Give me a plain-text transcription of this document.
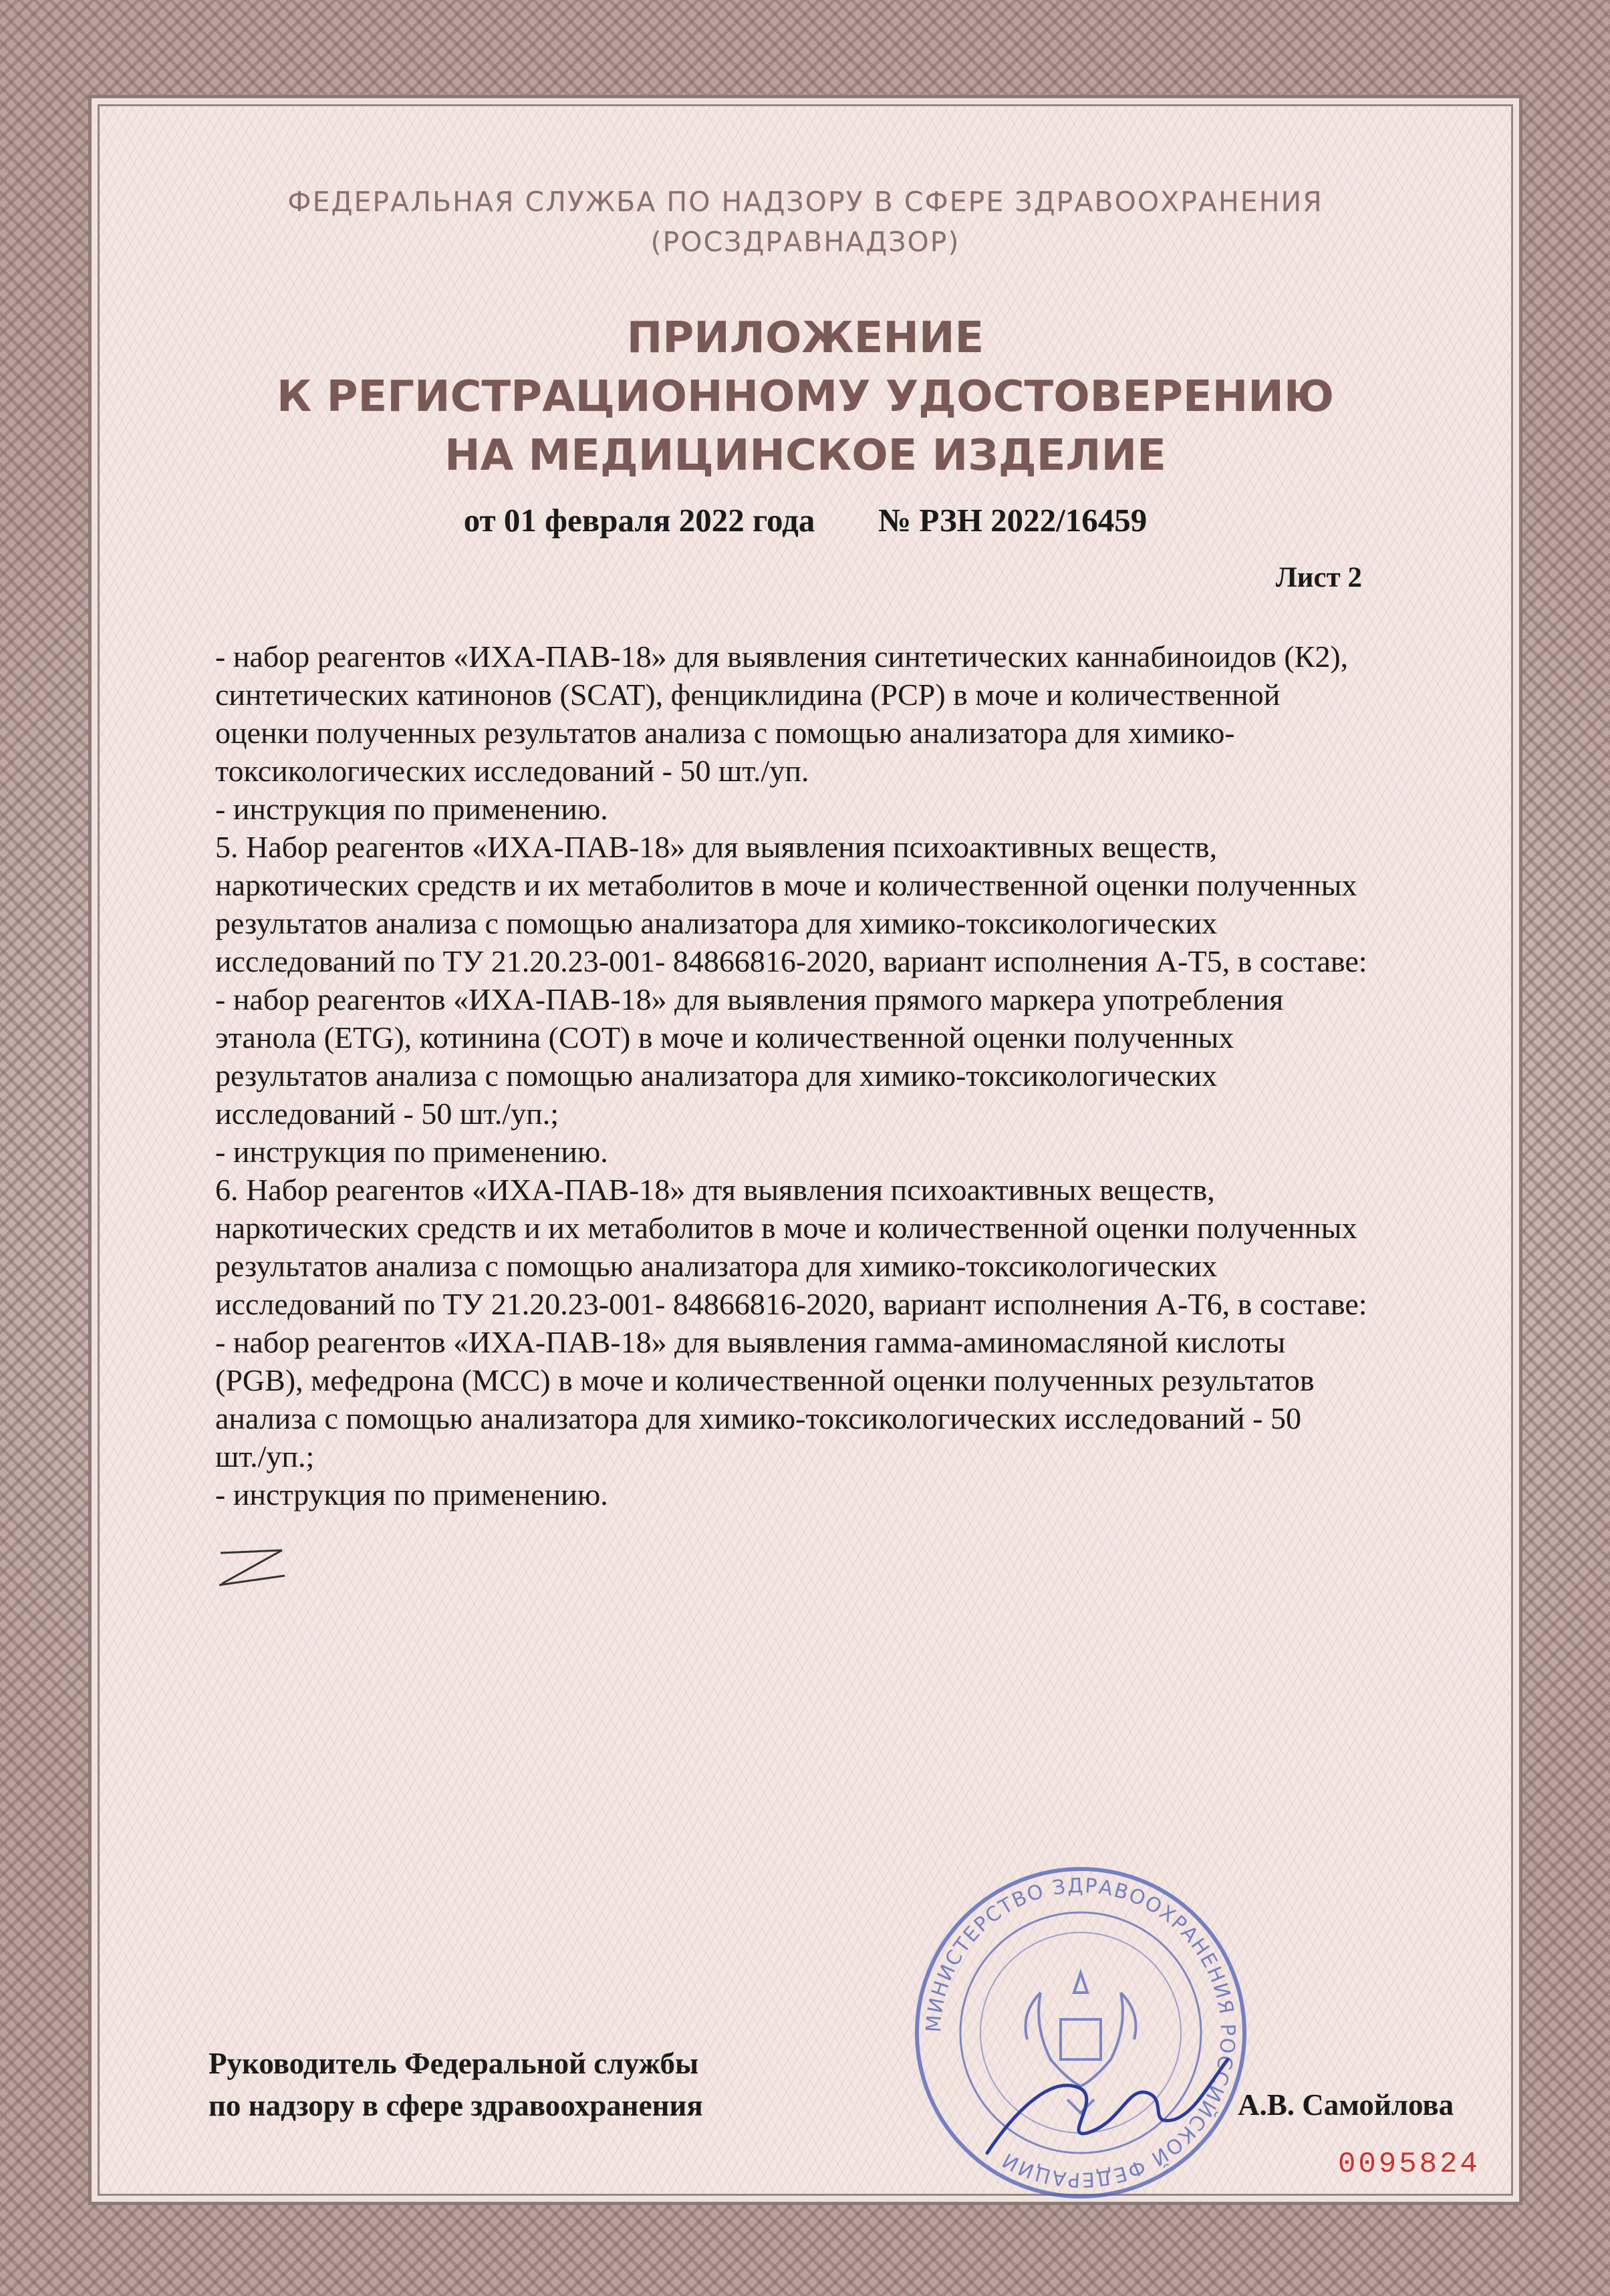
ФЕДЕРАЛЬНАЯ СЛУЖБА ПО НАДЗОРУ В СФЕРЕ ЗДРАВООХРАНЕНИЯ
(РОСЗДРАВНАДЗОР)
ПРИЛОЖЕНИЕ
К РЕГИСТРАЦИОННОМУ УДОСТОВЕРЕНИЮ
НА МЕДИЦИНСКОЕ ИЗДЕЛИЕ
от 01 февраля 2022 года № РЗН 2022/16459
Лист 2
- набор реагентов «ИХА-ПАВ-18» для выявления синтетических каннабиноидов (К2),
синтетических катинонов (SCAT), фенциклидина (PCP) в моче и количественной
оценки полученных результатов анализа с помощью анализатора для химико-
токсикологических исследований - 50 шт./уп.
- инструкция по применению.
5. Набор реагентов «ИХА-ПАВ-18» для выявления психоактивных веществ,
наркотических средств и их метаболитов в моче и количественной оценки полученных
результатов анализа с помощью анализатора для химико-токсикологических
исследований по ТУ 21.20.23-001- 84866816-2020, вариант исполнения А-Т5, в составе:
- набор реагентов «ИХА-ПАВ-18» для выявления прямого маркера употребления
этанола (ETG), котинина (СОТ) в моче и количественной оценки полученных
результатов анализа с помощью анализатора для химико-токсикологических
исследований - 50 шт./уп.;
- инструкция по применению.
6. Набор реагентов «ИХА-ПАВ-18» дтя выявления психоактивных веществ,
наркотических средств и их метаболитов в моче и количественной оценки полученных
результатов анализа с помощью анализатора для химико-токсикологических
исследований по ТУ 21.20.23-001- 84866816-2020, вариант исполнения А-Т6, в составе:
- набор реагентов «ИХА-ПАВ-18» для выявления гамма-аминомасляной кислоты
(PGB), мефедрона (МСС) в моче и количественной оценки полученных результатов
анализа с помощью анализатора для химико-токсикологических исследований - 50
шт./уп.;
- инструкция по применению.
Руководитель Федеральной службы
по надзору в сфере здравоохранения
МИНИСТЕРСТВО ЗДРАВООХРАНЕНИЯ РОССИЙСКОЙ ФЕДЕРАЦИИ
А.В. Самойлова
0095824
